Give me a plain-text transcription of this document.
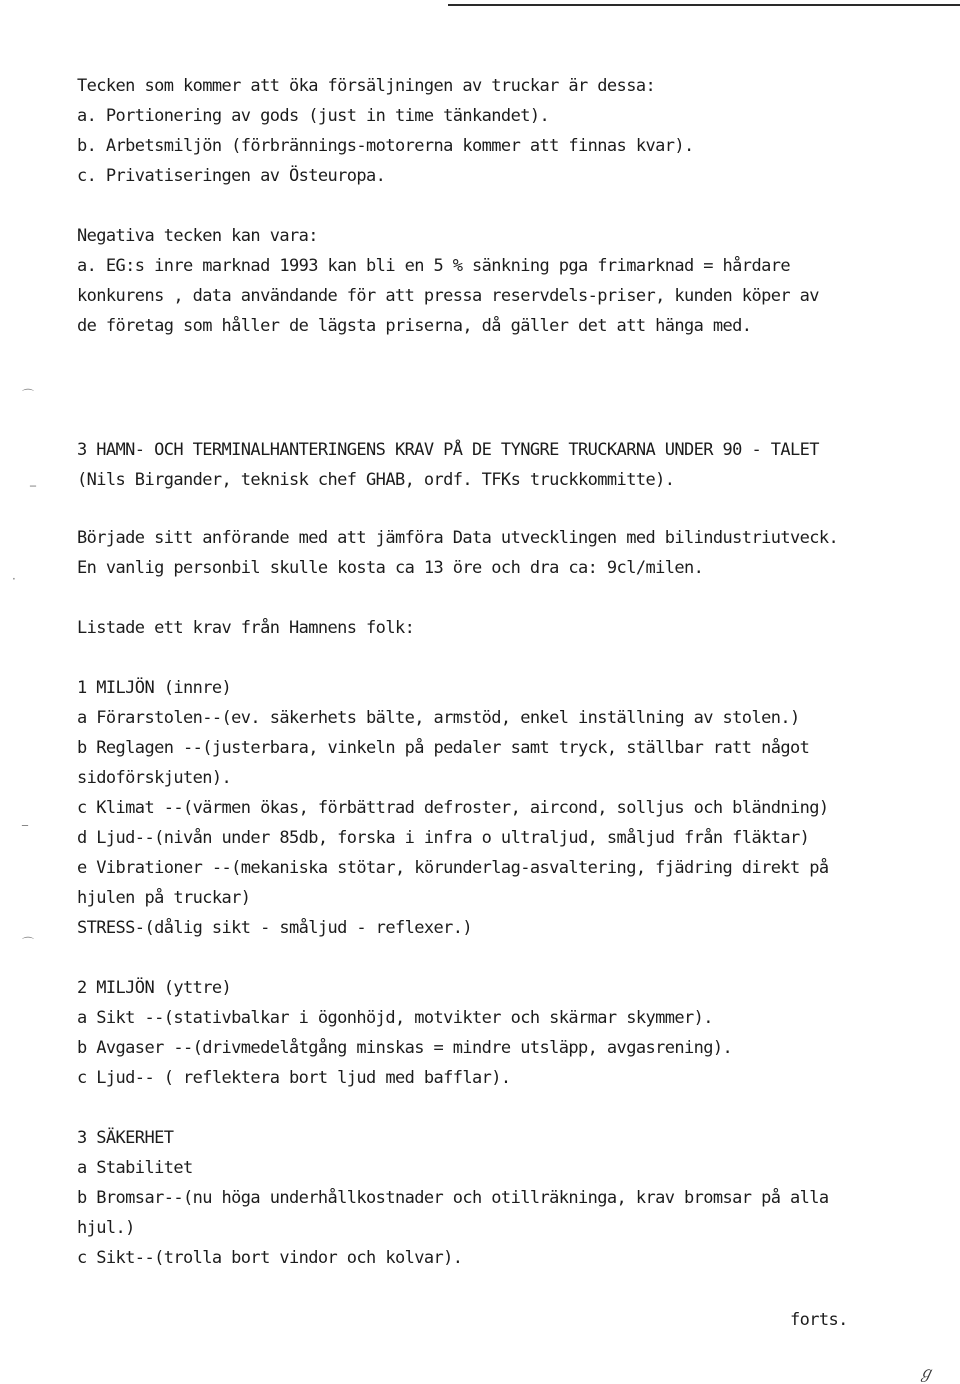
⌒
‾
·
_
⌒
Tecken som kommer att öka försäljningen av truckar är dessa:
a. Portionering av gods (just in time tänkandet).
b. Arbetsmiljön (förbrännings-motorerna kommer att finnas kvar).
c. Privatiseringen av Östeuropa.
Negativa tecken kan vara:
a. EG:s inre marknad 1993 kan bli en 5 % sänkning pga frimarknad = hårdare
konkurens , data användande för att pressa reservdels-priser, kunden köper av
de företag som håller de lägsta priserna, då gäller det att hänga med.
3 HAMN- OCH TERMINALHANTERINGENS KRAV PÅ DE TYNGRE TRUCKARNA UNDER 90 - TALET
(Nils Birgander, teknisk chef GHAB, ordf. TFKs truckkommitte).
Började sitt anförande med att jämföra Data utvecklingen med bilindustriutveck.
En vanlig personbil skulle kosta ca 13 öre och dra ca: 9cl/milen.
Listade ett krav från Hamnens folk:
1 MILJÖN (innre)
a Förarstolen--(ev. säkerhets bälte, armstöd, enkel inställning av stolen.)
b Reglagen --(justerbara, vinkeln på pedaler samt tryck, ställbar ratt något
sidoförskjuten).
c Klimat --(värmen ökas, förbättrad defroster, aircond, solljus och bländning)
d Ljud--(nivån under 85db, forska i infra o ultraljud, småljud från fläktar)
e Vibrationer --(mekaniska stötar, körunderlag-asvaltering, fjädring direkt på
hjulen på truckar)
STRESS-(dålig sikt - småljud - reflexer.)
2 MILJÖN (yttre)
a Sikt --(stativbalkar i ögonhöjd, motvikter och skärmar skymmer).
b Avgaser --(drivmedelåtgång minskas = mindre utsläpp, avgasrening).
c Ljud-- ( reflektera bort ljud med bafflar).
3 SÄKERHET
a Stabilitet
b Bromsar--(nu höga underhållkostnader och otillräkninga, krav bromsar på alla
hjul.)
c Sikt--(trolla bort vindor och kolvar).
forts.
ℊ
